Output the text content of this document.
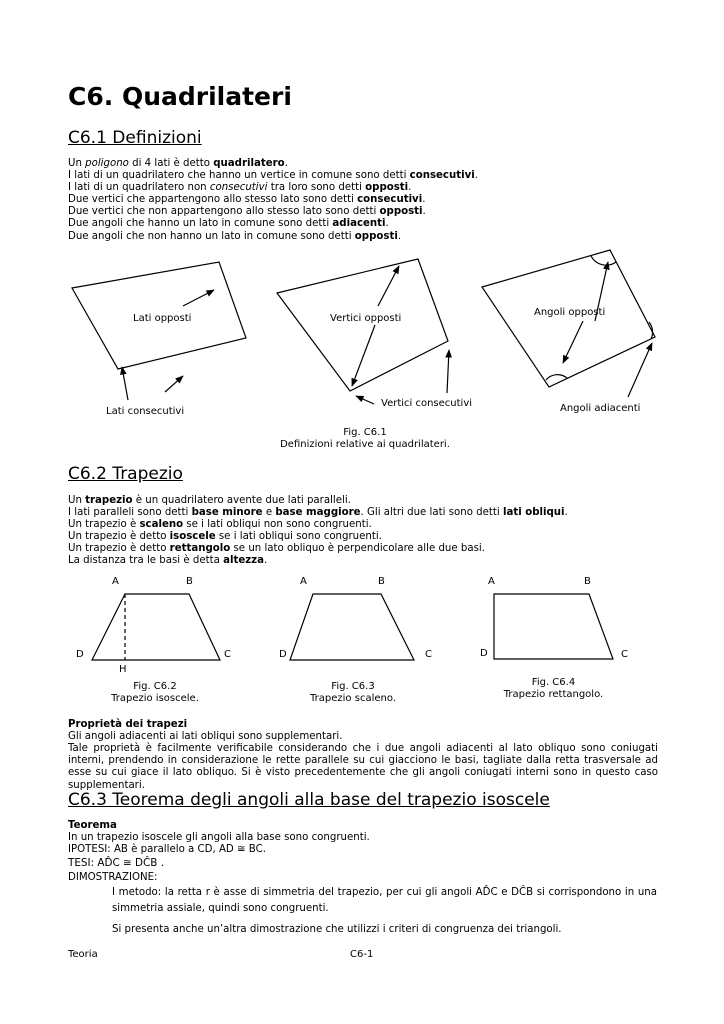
C6. Quadrilateri
C6.1 Definizioni
Un poligono di 4 lati è detto quadrilatero.
I lati di un quadrilatero che hanno un vertice in comune sono detti consecutivi.
I lati di un quadrilatero non consecutivi tra loro sono detti opposti.
Due vertici che appartengono allo stesso lato sono detti consecutivi.
Due vertici che non appartengono allo stesso lato sono detti opposti.
Due angoli che hanno un lato in comune sono detti adiacenti.
Due angoli che non hanno un lato in comune sono detti opposti.
Lati opposti
Lati consecutivi
Vertici opposti
Vertici consecutivi
Angoli opposti
Angoli adiacenti
Fig. C6.1
Definizioni relative ai quadrilateri.
C6.2 Trapezio
Un trapezio è un quadrilatero avente due lati paralleli.
I lati paralleli sono detti base minore e base maggiore. Gli altri due lati sono detti lati obliqui.
Un trapezio è scaleno se i lati obliqui non sono congruenti.
Un trapezio è detto isoscele se i lati obliqui sono congruenti.
Un trapezio è detto rettangolo se un lato obliquo è perpendicolare alle due basi.
La distanza tra le basi è detta altezza.
A	B
D	C
H
A	B
D	C
A	B
D	C
Fig. C6.2
Trapezio isoscele.
Fig. C6.3
Trapezio scaleno.
Fig. C6.4
Trapezio rettangolo.
Proprietà dei trapezi
Gli angoli adiacenti ai lati obliqui sono supplementari.
Tale proprietà è facilmente verificabile considerando che i due angoli adiacenti al lato obliquo sono coniugati interni, prendendo in considerazione le rette parallele su cui giacciono le basi, tagliate dalla retta trasversale ad esse su cui giace il lato obliquo. Si è visto precedentemente che gli angoli coniugati interni sono in questo caso supplementari.
C6.3 Teorema degli angoli alla base del trapezio isoscele
Teorema
In un trapezio isoscele gli angoli alla base sono congruenti.
IPOTESI: AB è parallelo a CD, AD ≅ BC.
TESI: AD̂C ≅ DĈB .
DIMOSTRAZIONE:
I metodo: la retta r è asse di simmetria del trapezio, per cui gli angoli AD̂C e DĈB si corrispondono in una simmetria assiale, quindi sono congruenti.
Si presenta anche un’altra dimostrazione che utilizzi i criteri di congruenza dei triangoli.
Teoria	C6-1
